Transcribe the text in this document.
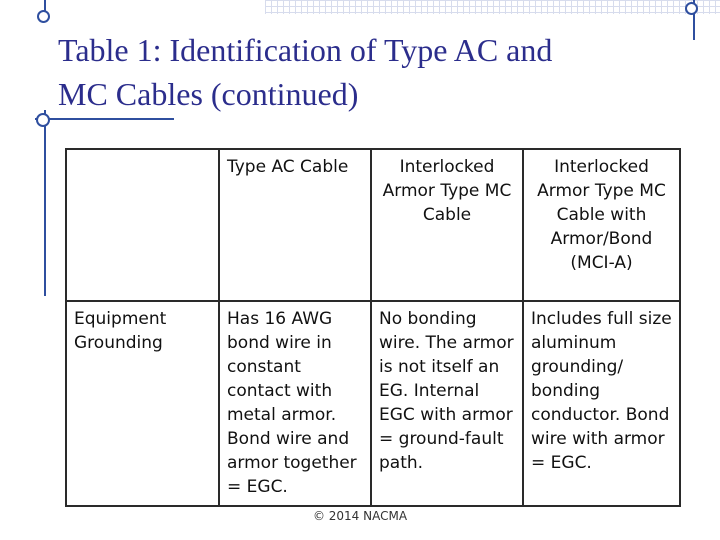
Table 1: Identification of Type AC and
MC Cables (continued)
	Type AC Cable	Interlocked Armor Type MC Cable	Interlocked Armor Type MC Cable with Armor/Bond (MCI-A)
Equipment Grounding	Has 16 AWG bond wire in constant contact with metal armor. Bond wire and armor together = EGC.	No bonding wire. The armor is not itself an EG. Internal EGC with armor = ground-fault path.	Includes full size aluminum grounding/ bonding conductor. Bond wire with armor = EGC.
© 2014 NACMA
